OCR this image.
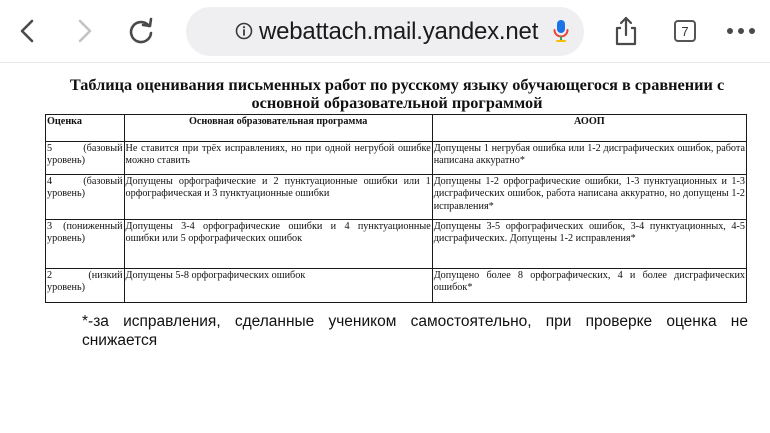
webattach.mail.yandex.net	7
Таблица оценивания письменных работ по русскому языку обучающегося в сравнении с основной образовательной программой
Оценка	Основная образовательная программа	АООП
5 (базовый уровень)	Не ставится при трёх исправлениях, но при одной негрубой ошибке можно ставить	Допущены 1 негрубая ошибка или 1-2 дисграфических ошибок, работа написана аккуратно*
4 (базовый уровень)	Допущены орфографические и 2 пунктуационные ошибки или 1 орфографическая и 3 пунктуационные ошибки	Допущены 1-2 орфографические ошибки, 1-3 пунктуационных и 1-3 дисграфических ошибок, работа написана аккуратно, но допущены 1-2 исправления*
3 (пониженный уровень)	Допущены 3-4 орфографические ошибки и 4 пунктуационные ошибки или 5 орфографических ошибок	Допущены 3-5 орфографических ошибок, 3-4 пунктуационных, 4-5 дисграфических. Допущены 1-2 исправления*
2 (низкий уровень)	Допущены 5-8 орфографических ошибок	Допущено более 8 орфографических, 4 и более дисграфических ошибок*
*-за исправления, сделанные учеником самостоятельно, при проверке оценка не снижается
